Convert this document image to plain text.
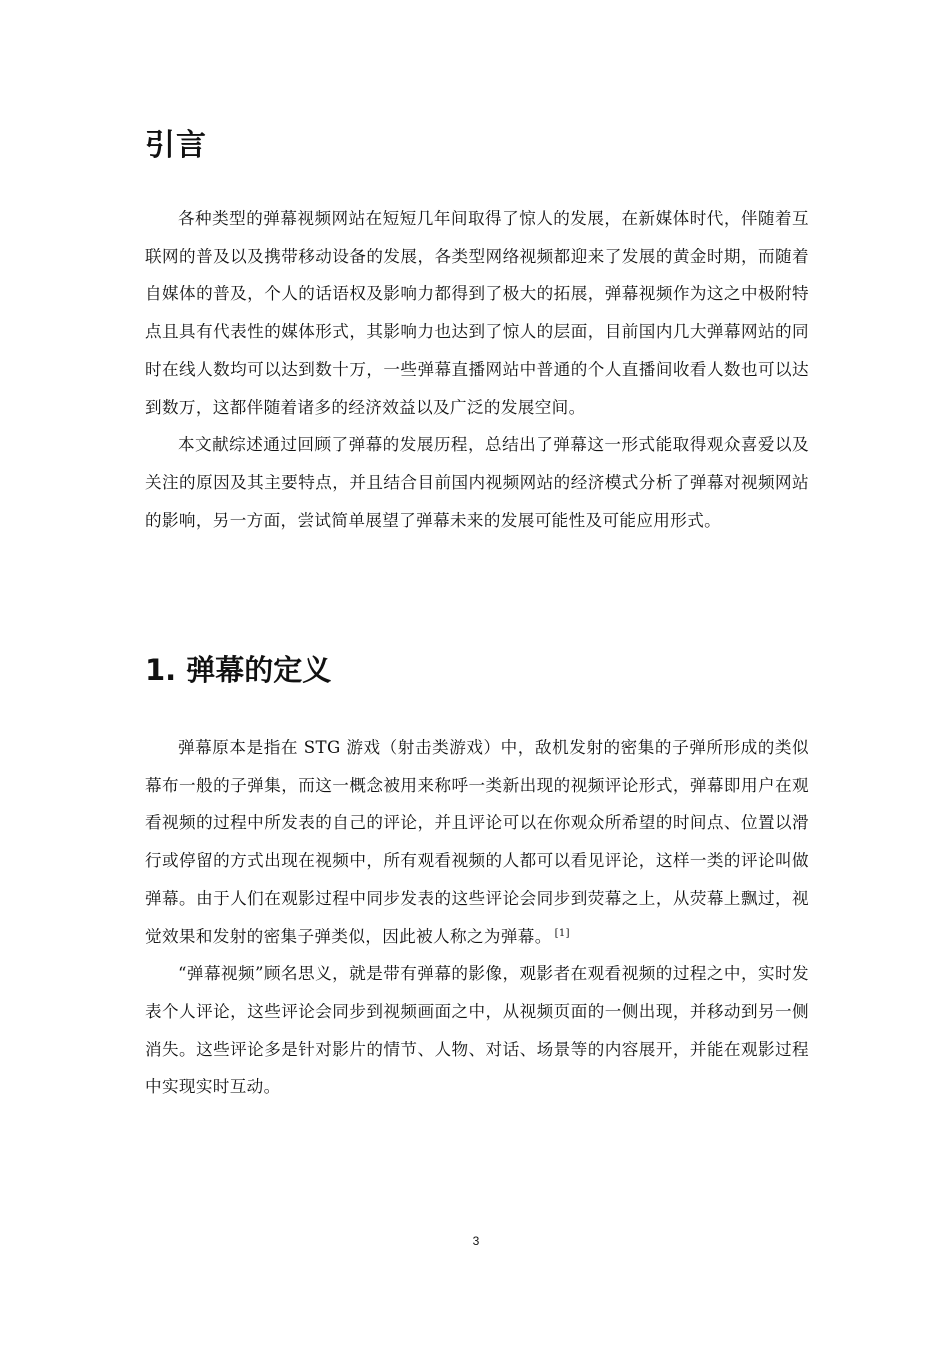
引言

各种类型的弹幕视频网站在短短几年间取得了惊人的发展，在新媒体时代，伴随着互联网的普及以及携带移动设备的发展，各类型网络视频都迎来了发展的黄金时期，而随着自媒体的普及，个人的话语权及影响力都得到了极大的拓展，弹幕视频作为这之中极附特点且具有代表性的媒体形式，其影响力也达到了惊人的层面，目前国内几大弹幕网站的同时在线人数均可以达到数十万，一些弹幕直播网站中普通的个人直播间收看人数也可以达到数万，这都伴随着诸多的经济效益以及广泛的发展空间。

本文献综述通过回顾了弹幕的发展历程，总结出了弹幕这一形式能取得观众喜爱以及关注的原因及其主要特点，并且结合目前国内视频网站的经济模式分析了弹幕对视频网站的影响，另一方面，尝试简单展望了弹幕未来的发展可能性及可能应用形式。

1. 弹幕的定义

弹幕原本是指在 STG 游戏（射击类游戏）中，敌机发射的密集的子弹所形成的类似幕布一般的子弹集，而这一概念被用来称呼一类新出现的视频评论形式，弹幕即用户在观看视频的过程中所发表的自己的评论，并且评论可以在你观众所希望的时间点、位置以滑行或停留的方式出现在视频中，所有观看视频的人都可以看见评论，这样一类的评论叫做弹幕。由于人们在观影过程中同步发表的这些评论会同步到荧幕之上，从荧幕上飘过，视觉效果和发射的密集子弹类似，因此被人称之为弹幕。 [1]

“弹幕视频”顾名思义，就是带有弹幕的影像，观影者在观看视频的过程之中，实时发表个人评论，这些评论会同步到视频画面之中，从视频页面的一侧出现，并移动到另一侧消失。这些评论多是针对影片的情节、人物、对话、场景等的内容展开，并能在观影过程中实现实时互动。

3
